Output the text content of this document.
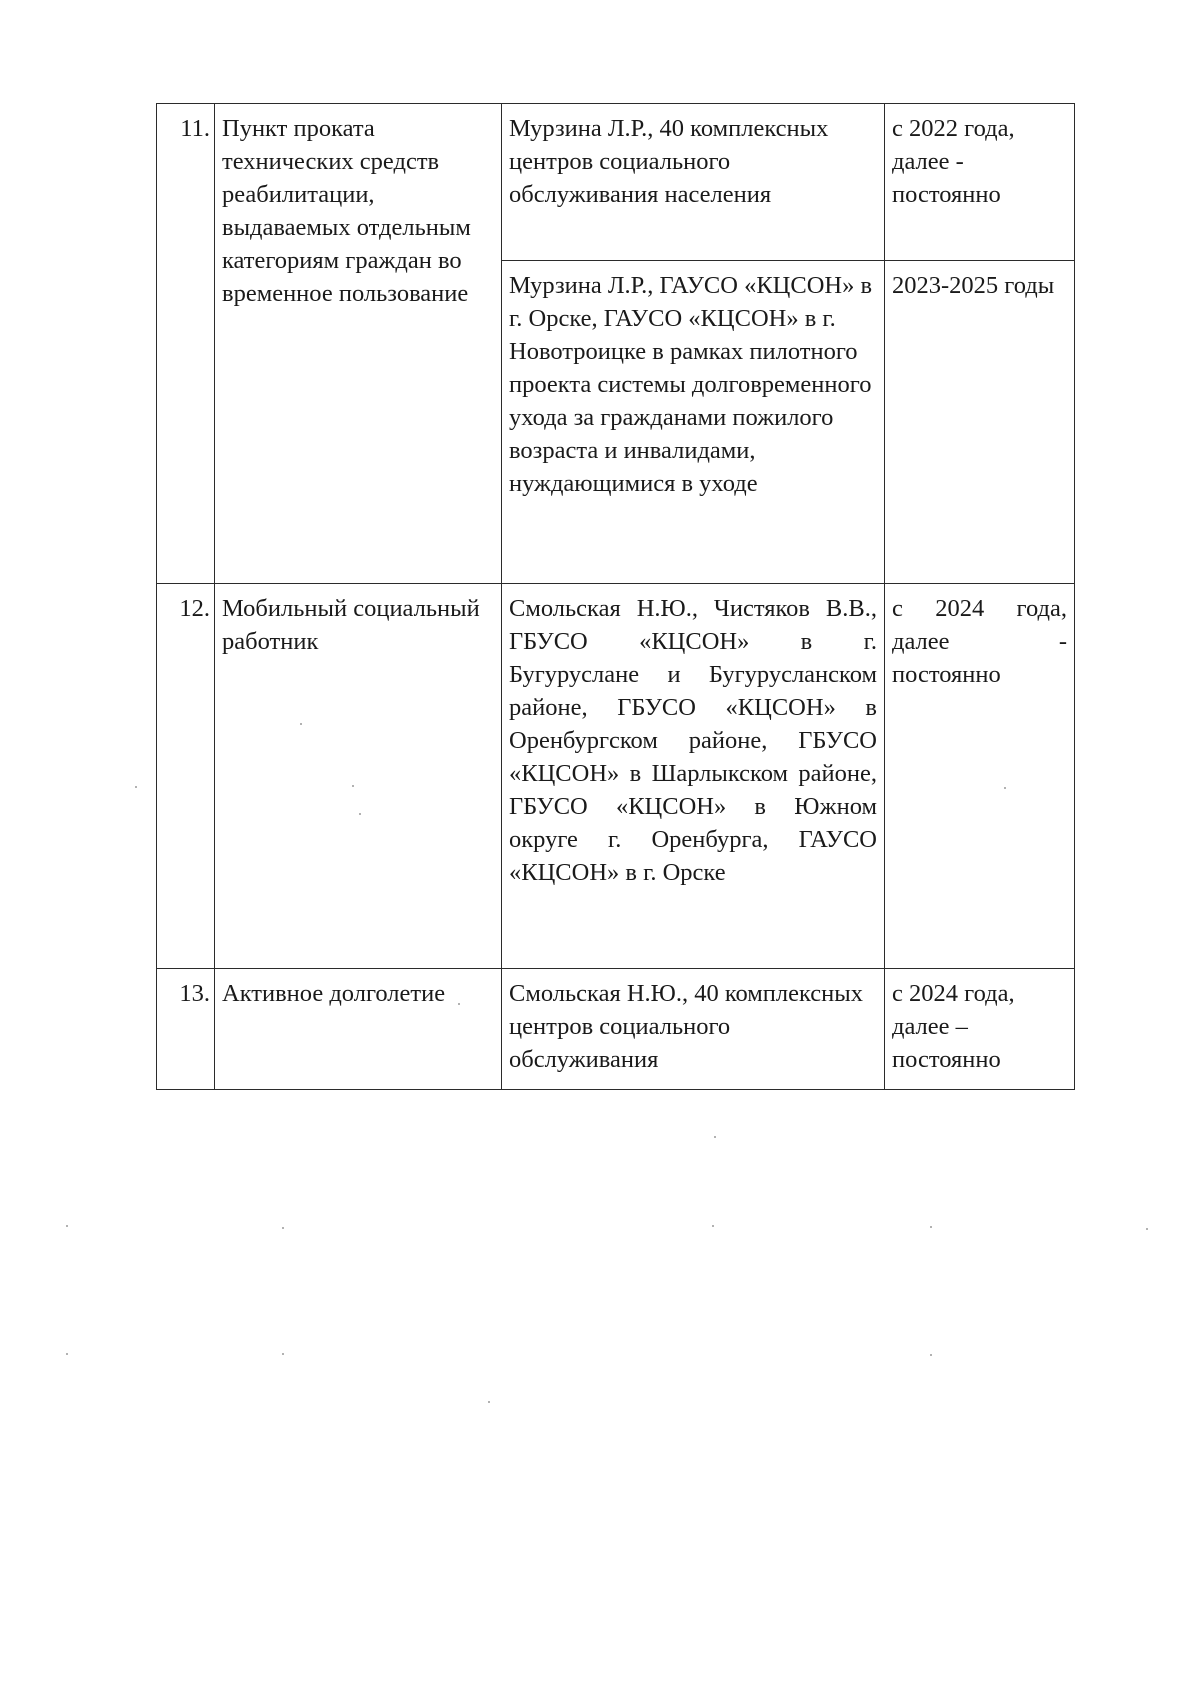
11.	Пункт проката технических средств реабилитации, выдаваемых отдельным категориям граждан во временное пользование	Мурзина Л.Р., 40 комплексных центров социального обслуживания населения	с 2022 года, далее - постоянно
		Мурзина Л.Р., ГАУСО «КЦСОН» в г. Орске, ГАУСО «КЦСОН» в г. Новотроицке в рамках пилотного проекта системы долговременного ухода за гражданами пожилого возраста и инвалидами, нуждающимися в уходе	2023-2025 годы
12.	Мобильный социальный работник	Смольская Н.Ю., Чистяков В.В., ГБУСО «КЦСОН» в г. Бугуруслане и Бугурусланском районе, ГБУСО «КЦСОН» в Оренбургском районе, ГБУСО «КЦСОН» в Шарлыкском районе, ГБУСО «КЦСОН» в Южном округе г. Оренбурга, ГАУСО «КЦСОН» в г. Орске	с 2024 года, далее - постоянно
13.	Активное долголетие	Смольская Н.Ю., 40 комплексных центров социального обслуживания	с 2024 года, далее – постоянно
